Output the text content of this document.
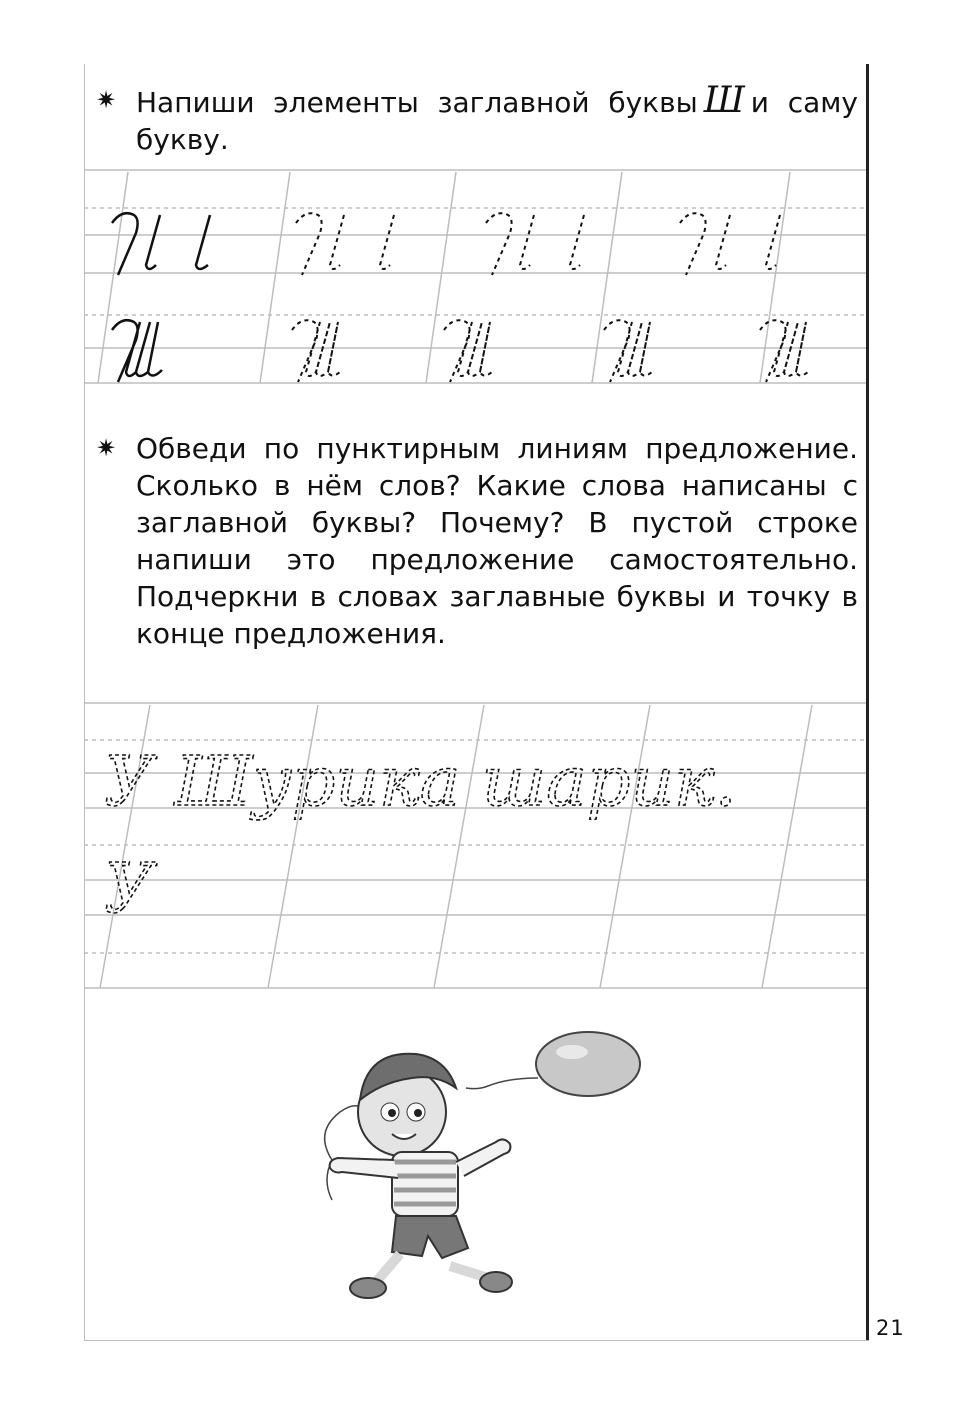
✷ Напиши элементы заглавной буквы Ш и саму букву.
✷ Обведи по пунктирным линиям предложение. Сколько в нём слов? Какие слова написаны с заглавной буквы? Почему? В пустой строке напиши это предложение самостоятельно. Подчеркни в словах заглавные буквы и точку в конце предложения.
У Шурика шарик.
У
21
